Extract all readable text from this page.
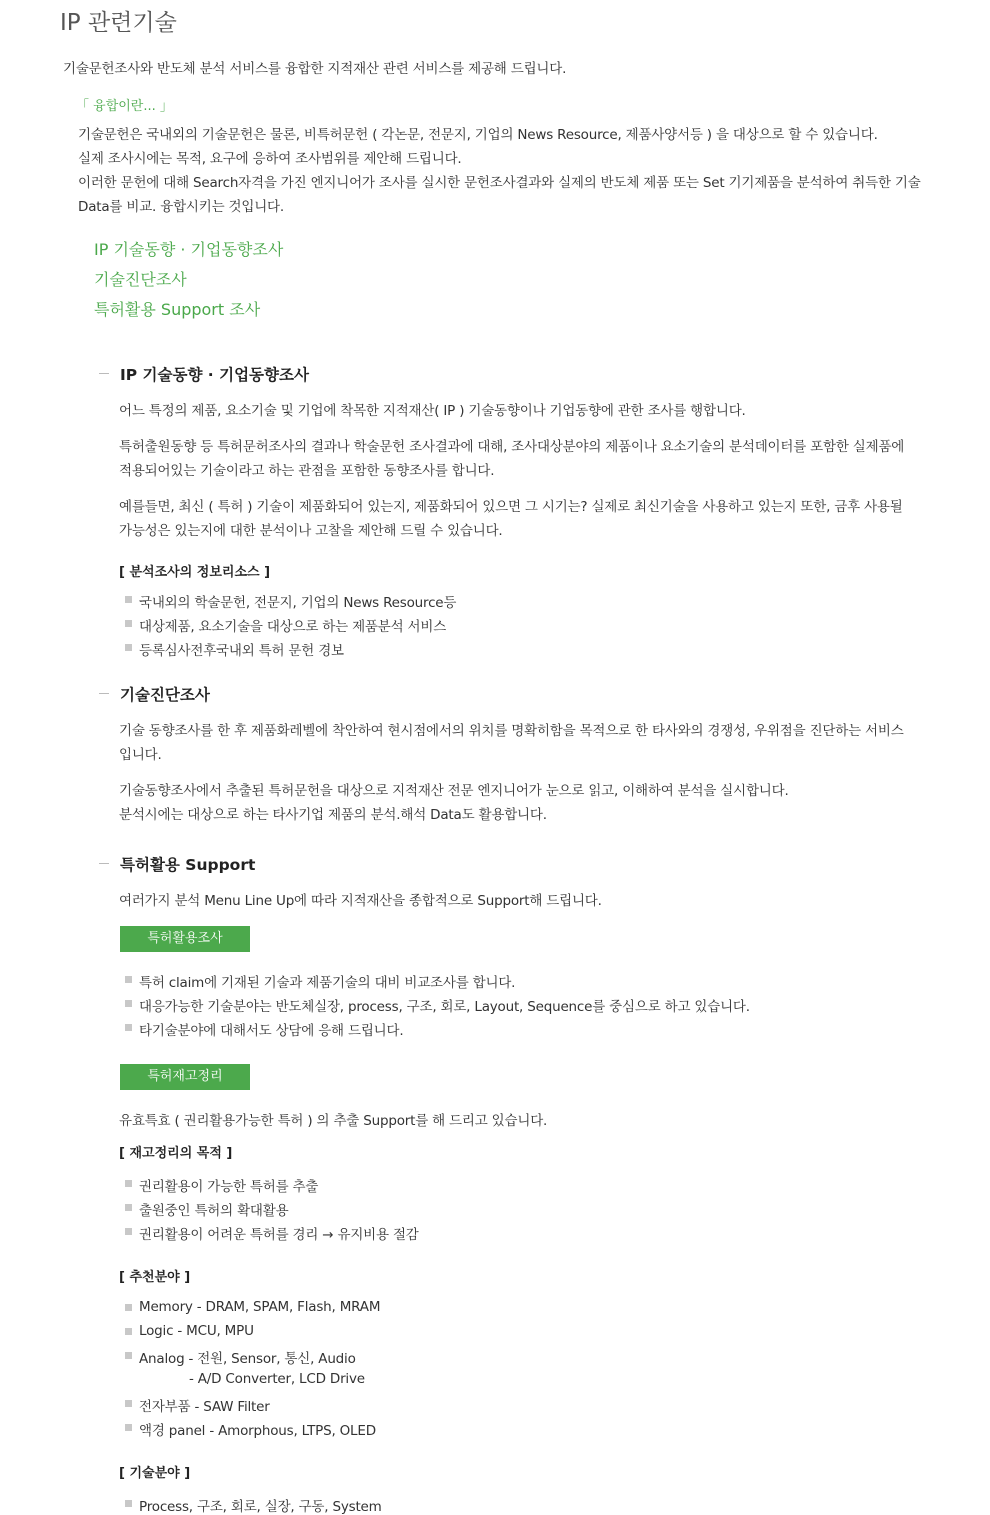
IP 관련기술
기술문헌조사와 반도체 분석 서비스를 융합한 지적재산 관련 서비스를 제공해 드립니다.
「 융합이란... 」
기술문헌은 국내외의 기술문헌은 물론, 비특허문헌 ( 각논문, 전문지, 기업의 News Resource, 제품사양서등 ) 을 대상으로 할 수 있습니다.
실제 조사시에는 목적, 요구에 응하여 조사범위를 제안해 드립니다.
이러한 문헌에 대해 Search자격을 가진 엔지니어가 조사를 실시한 문헌조사결과와 실제의 반도체 제품 또는 Set 기기제품을 분석하여 취득한 기술
Data를 비교. 융합시키는 것입니다.
IP 기술동향 · 기업동향조사
기술진단조사
특허활용 Support 조사
IP 기술동향 · 기업동향조사
어느 특정의 제품, 요소기술 및 기업에 착목한 지적재산( IP ) 기술동향이나 기업동향에 관한 조사를 행합니다.
특허출원동향 등 특허문허조사의 결과나 학술문헌 조사결과에 대해, 조사대상분야의 제품이나 요소기술의 분석데이터를 포함한 실제품에
적용되어있는 기술이라고 하는 관점을 포함한 동향조사를 합니다.
예를들면, 최신 ( 특허 ) 기술이 제품화되어 있는지, 제품화되어 있으면 그 시기는? 실제로 최신기술을 사용하고 있는지 또한, 금후 사용될
가능성은 있는지에 대한 분석이나 고찰을 제안해 드릴 수 있습니다.
[ 분석조사의 정보리소스 ]
국내외의 학술문헌, 전문지, 기업의 News Resource등
대상제품, 요소기술을 대상으로 하는 제품분석 서비스
등록심사전후국내외 특허 문헌 경보
기술진단조사
기술 동향조사를 한 후 제품화레벨에 착안하여 현시점에서의 위치를 명확히함을 목적으로 한 타사와의 경쟁성, 우위점을 진단하는 서비스
입니다.
기술동향조사에서 추출된 특허문헌을 대상으로 지적재산 전문 엔지니어가 눈으로 읽고, 이해하여 분석을 실시합니다.
분석시에는 대상으로 하는 타사기업 제품의 분석.해석 Data도 활용합니다.
특허활용 Support
여러가지 분석 Menu Line Up에 따라 지적재산을 종합적으로 Support해 드립니다.
특허활용조사
특허 claim에 기재된 기술과 제품기술의 대비 비교조사를 합니다.
대응가능한 기술분야는 반도체실장, process, 구조, 회로, Layout, Sequence를 중심으로 하고 있습니다.
타기술분야에 대해서도 상담에 응해 드립니다.
특허재고정리
유효특효 ( 권리활용가능한 특허 ) 의 추출 Support를 해 드리고 있습니다.
[ 재고정리의 목적 ]
권리활용이 가능한 특허를 추출
출원중인 특허의 확대활용
권리활용이 어려운 특허를 경리 → 유지비용 절감
[ 추천분야 ]
Memory - DRAM, SPAM, Flash, MRAM
Logic - MCU, MPU
Analog - 전원, Sensor, 통신, Audio
- A/D Converter, LCD Drive
전자부품 - SAW Filter
액경 panel - Amorphous, LTPS, OLED
[ 기술분야 ]
Process, 구조, 회로, 실장, 구동, System
